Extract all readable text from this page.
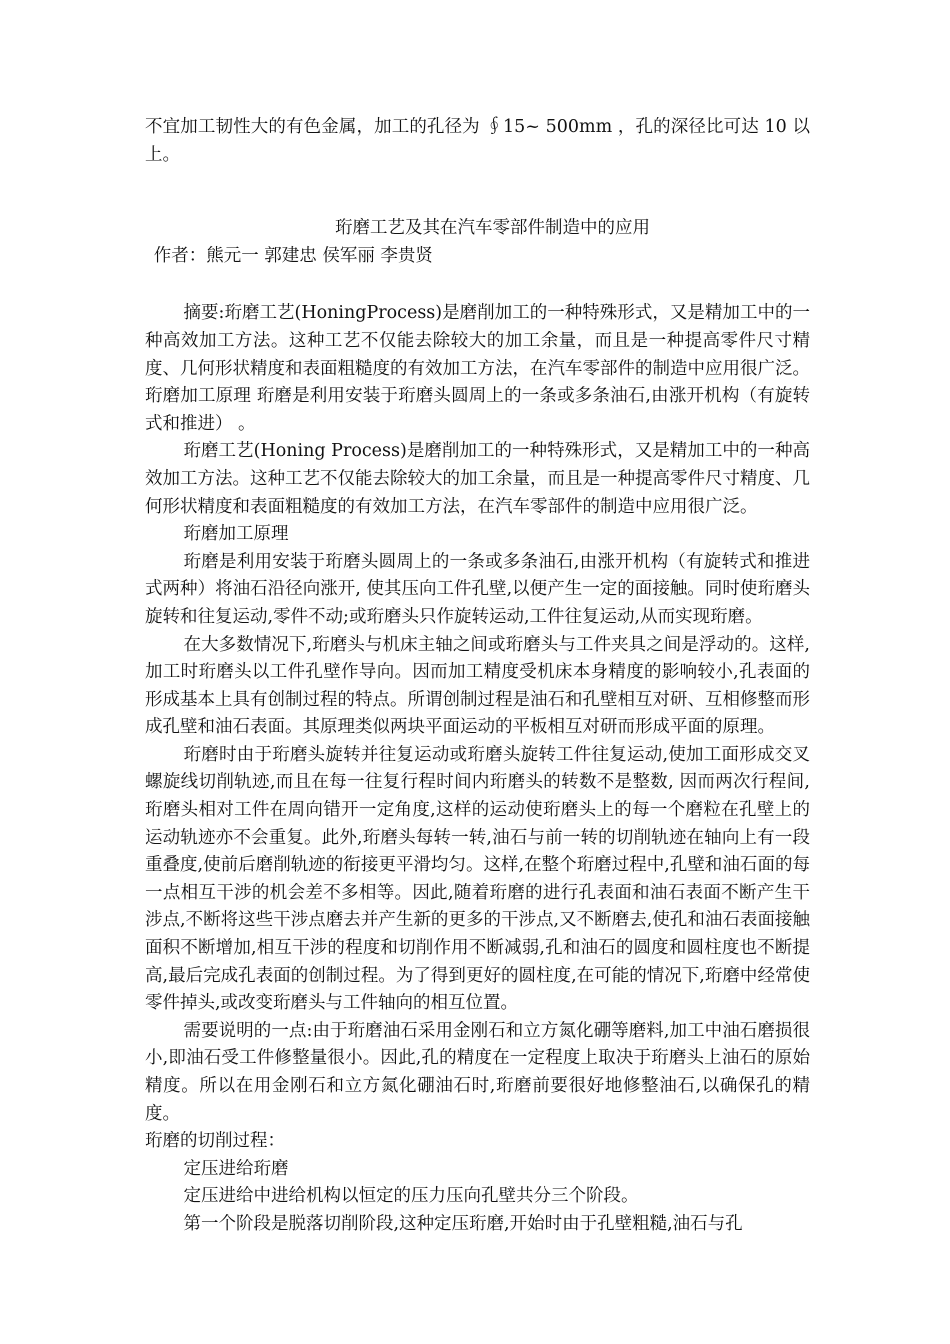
不宜加工韧性大的有色金属，加工的孔径为 ∮15~ 500mm ，孔的深径比可达 10 以上。

珩磨工艺及其在汽车零部件制造中的应用

作者：熊元一 郭建忠 侯军丽 李贵贤

摘要:珩磨工艺(HoningProcess)是磨削加工的一种特殊形式，又是精加工中的一种高效加工方法。这种工艺不仅能去除较大的加工余量，而且是一种提高零件尺寸精度、几何形状精度和表面粗糙度的有效加工方法，在汽车零部件的制造中应用很广泛。 珩磨加工原理 珩磨是利用安装于珩磨头圆周上的一条或多条油石,由涨开机构（有旋转式和推进） 。

珩磨工艺(Honing Process)是磨削加工的一种特殊形式，又是精加工中的一种高效加工方法。这种工艺不仅能去除较大的加工余量，而且是一种提高零件尺寸精度、几何形状精度和表面粗糙度的有效加工方法，在汽车零部件的制造中应用很广泛。

珩磨加工原理

珩磨是利用安装于珩磨头圆周上的一条或多条油石,由涨开机构（有旋转式和推进式两种）将油石沿径向涨开, 使其压向工件孔壁,以便产生一定的面接触。同时使珩磨头旋转和往复运动,零件不动;或珩磨头只作旋转运动,工件往复运动,从而实现珩磨。

在大多数情况下,珩磨头与机床主轴之间或珩磨头与工件夹具之间是浮动的。这样,加工时珩磨头以工件孔壁作导向。因而加工精度受机床本身精度的影响较小,孔表面的形成基本上具有创制过程的特点。所谓创制过程是油石和孔壁相互对研、互相修整而形成孔壁和油石表面。其原理类似两块平面运动的平板相互对研而形成平面的原理。

珩磨时由于珩磨头旋转并往复运动或珩磨头旋转工件往复运动,使加工面形成交叉螺旋线切削轨迹,而且在每一往复行程时间内珩磨头的转数不是整数, 因而两次行程间,珩磨头相对工件在周向错开一定角度,这样的运动使珩磨头上的每一个磨粒在孔壁上的运动轨迹亦不会重复。此外,珩磨头每转一转,油石与前一转的切削轨迹在轴向上有一段重叠度,使前后磨削轨迹的衔接更平滑均匀。这样,在整个珩磨过程中,孔壁和油石面的每一点相互干涉的机会差不多相等。因此,随着珩磨的进行孔表面和油石表面不断产生干涉点,不断将这些干涉点磨去并产生新的更多的干涉点,又不断磨去,使孔和油石表面接触面积不断增加,相互干涉的程度和切削作用不断减弱,孔和油石的圆度和圆柱度也不断提高,最后完成孔表面的创制过程。为了得到更好的圆柱度,在可能的情况下,珩磨中经常使零件掉头,或改变珩磨头与工件轴向的相互位置。

需要说明的一点:由于珩磨油石采用金刚石和立方氮化硼等磨料,加工中油石磨损很小,即油石受工件修整量很小。因此,孔的精度在一定程度上取决于珩磨头上油石的原始精度。所以在用金刚石和立方氮化硼油石时,珩磨前要很好地修整油石,以确保孔的精度。

珩磨的切削过程：

定压进给珩磨

定压进给中进给机构以恒定的压力压向孔壁共分三个阶段。

第一个阶段是脱落切削阶段,这种定压珩磨,开始时由于孔壁粗糙,油石与孔
